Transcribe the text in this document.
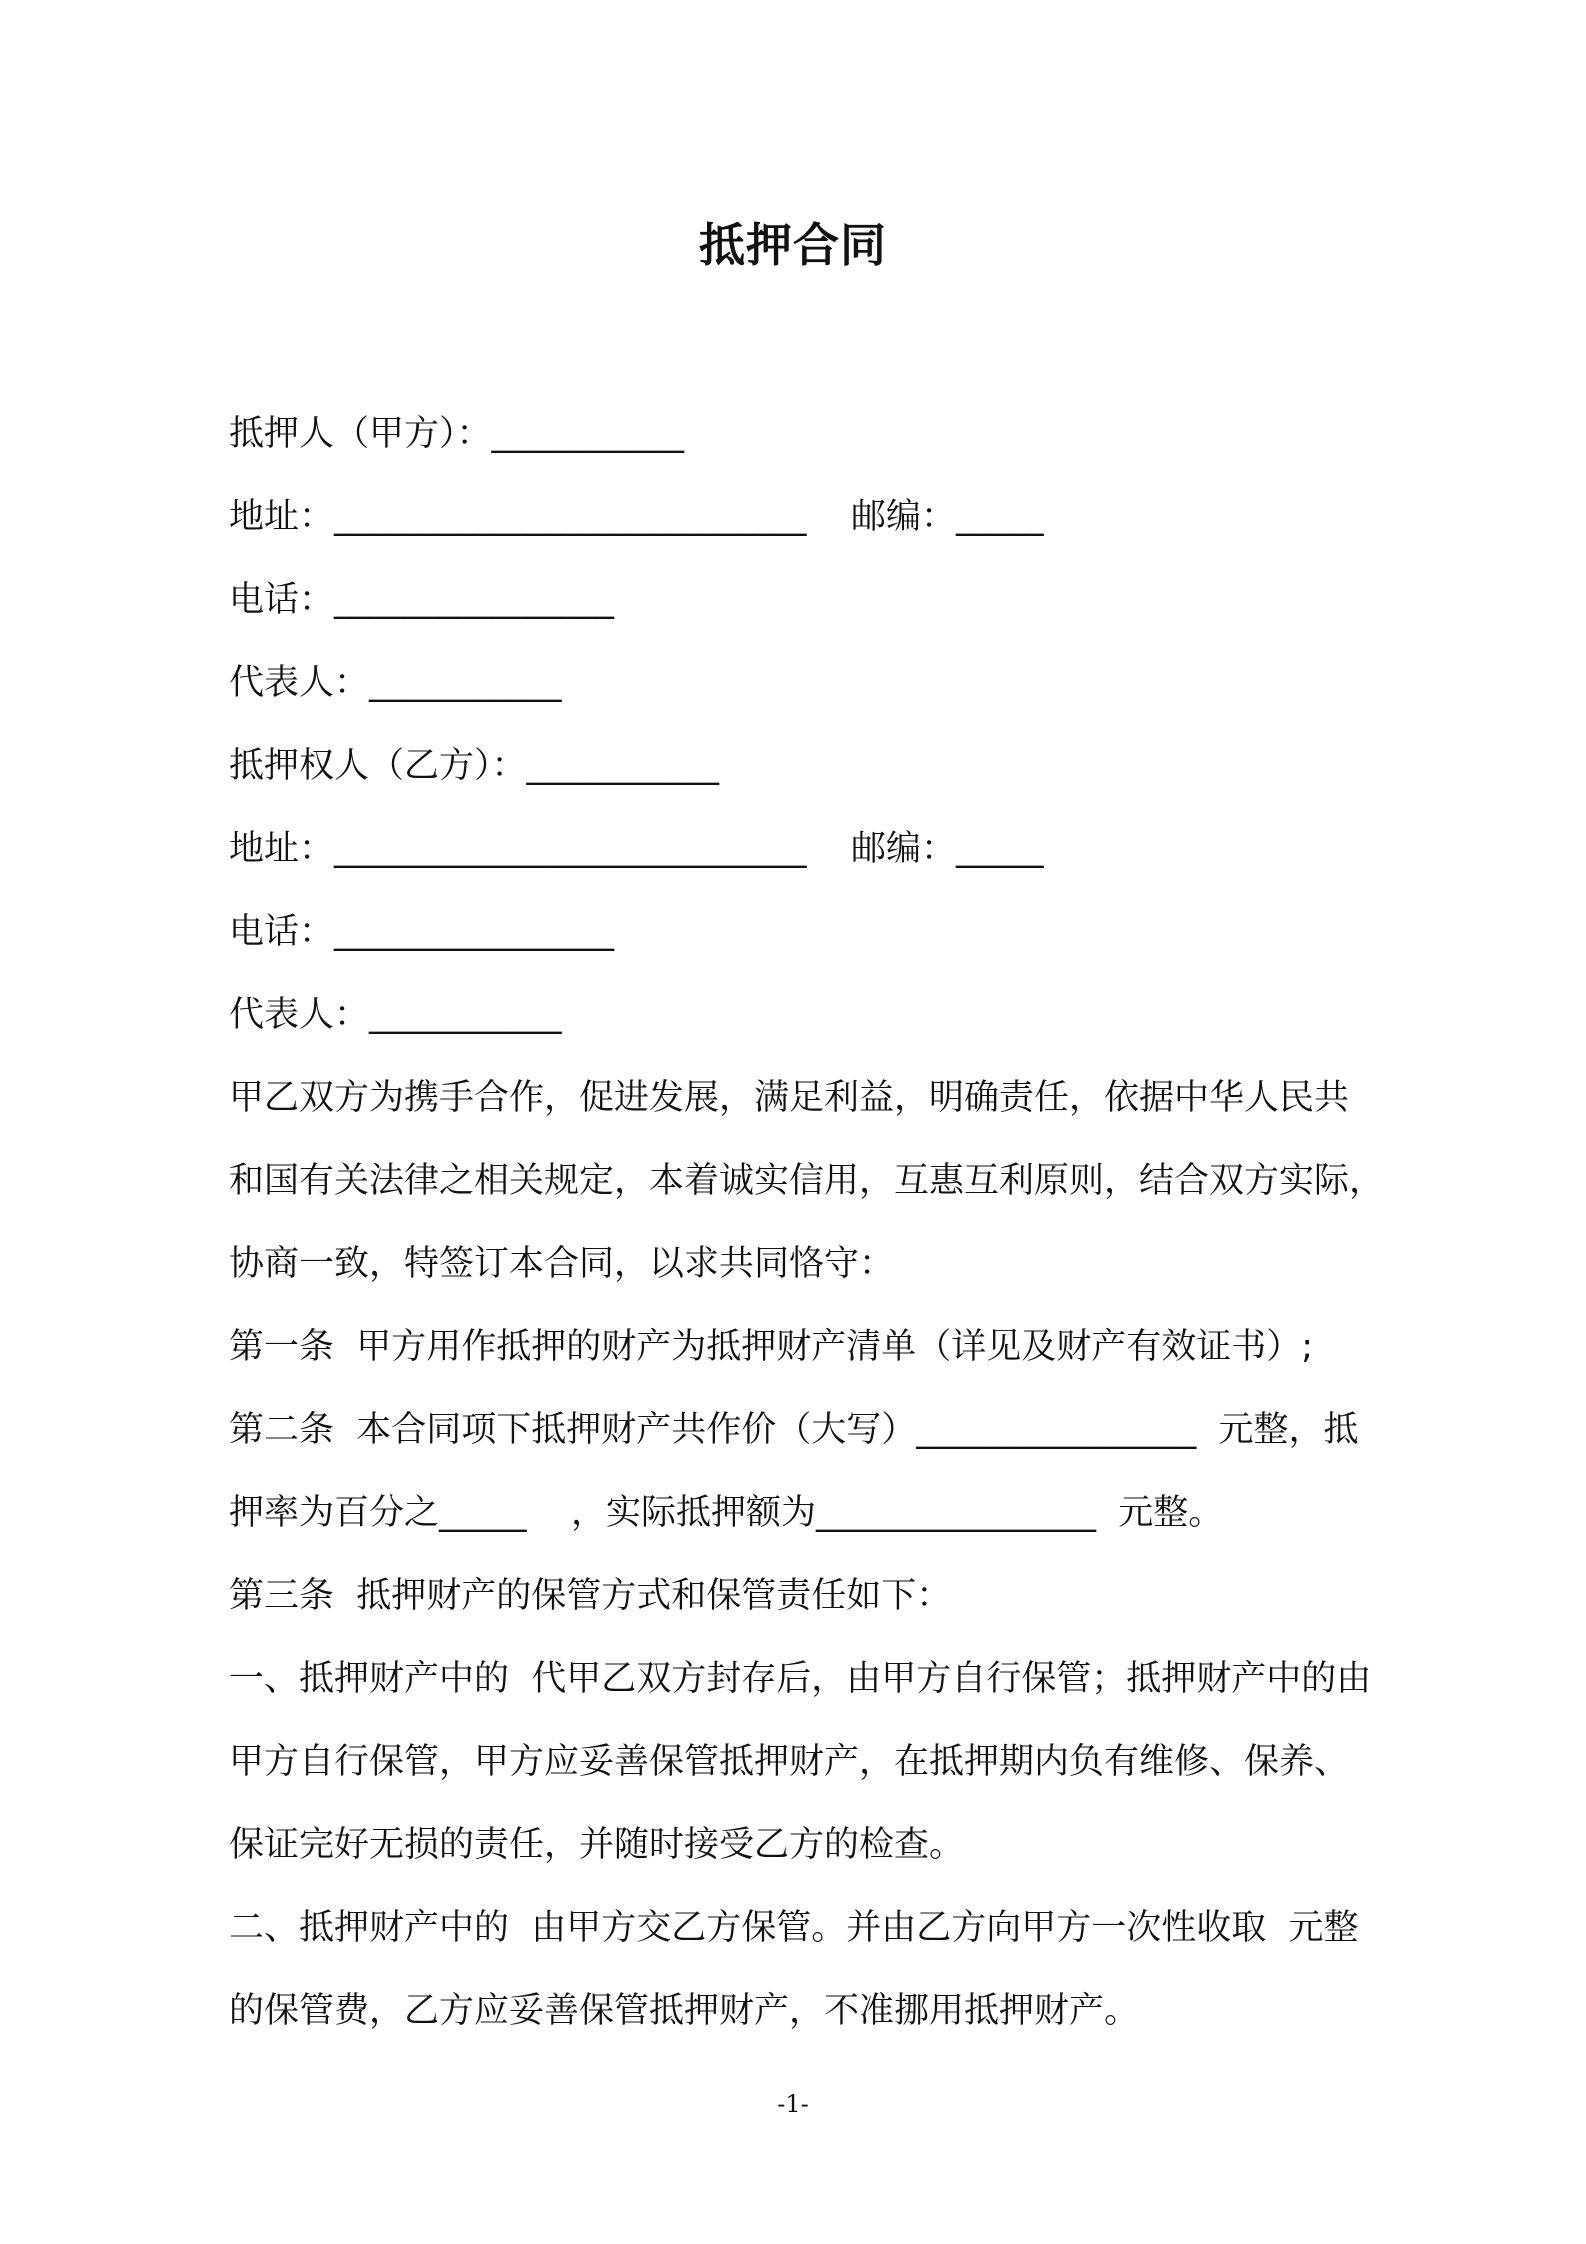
抵押合同
抵押人（甲方）：___________
地址：___________________________    邮编：_____
电话：________________
代表人：___________
抵押权人（乙方）：___________
地址：___________________________    邮编：_____
电话：________________
代表人：___________
甲乙双方为携手合作，促进发展，满足利益，明确责任，依据中华人民共
和国有关法律之相关规定，本着诚实信用，互惠互利原则，结合双方实际，
协商一致，特签订本合同，以求共同恪守：
第一条  甲方用作抵押的财产为抵押财产清单（详见及财产有效证书）;
第二条  本合同项下抵押财产共作价（大写）________________  元整，抵
押率为百分之_____    ，实际抵押额为________________  元整。
第三条  抵押财产的保管方式和保管责任如下：
一、抵押财产中的  代甲乙双方封存后，由甲方自行保管；抵押财产中的由
甲方自行保管，甲方应妥善保管抵押财产，在抵押期内负有维修、保养、
保证完好无损的责任，并随时接受乙方的检查。
二、抵押财产中的  由甲方交乙方保管。并由乙方向甲方一次性收取  元整
的保管费，乙方应妥善保管抵押财产，不准挪用抵押财产。
-1-
